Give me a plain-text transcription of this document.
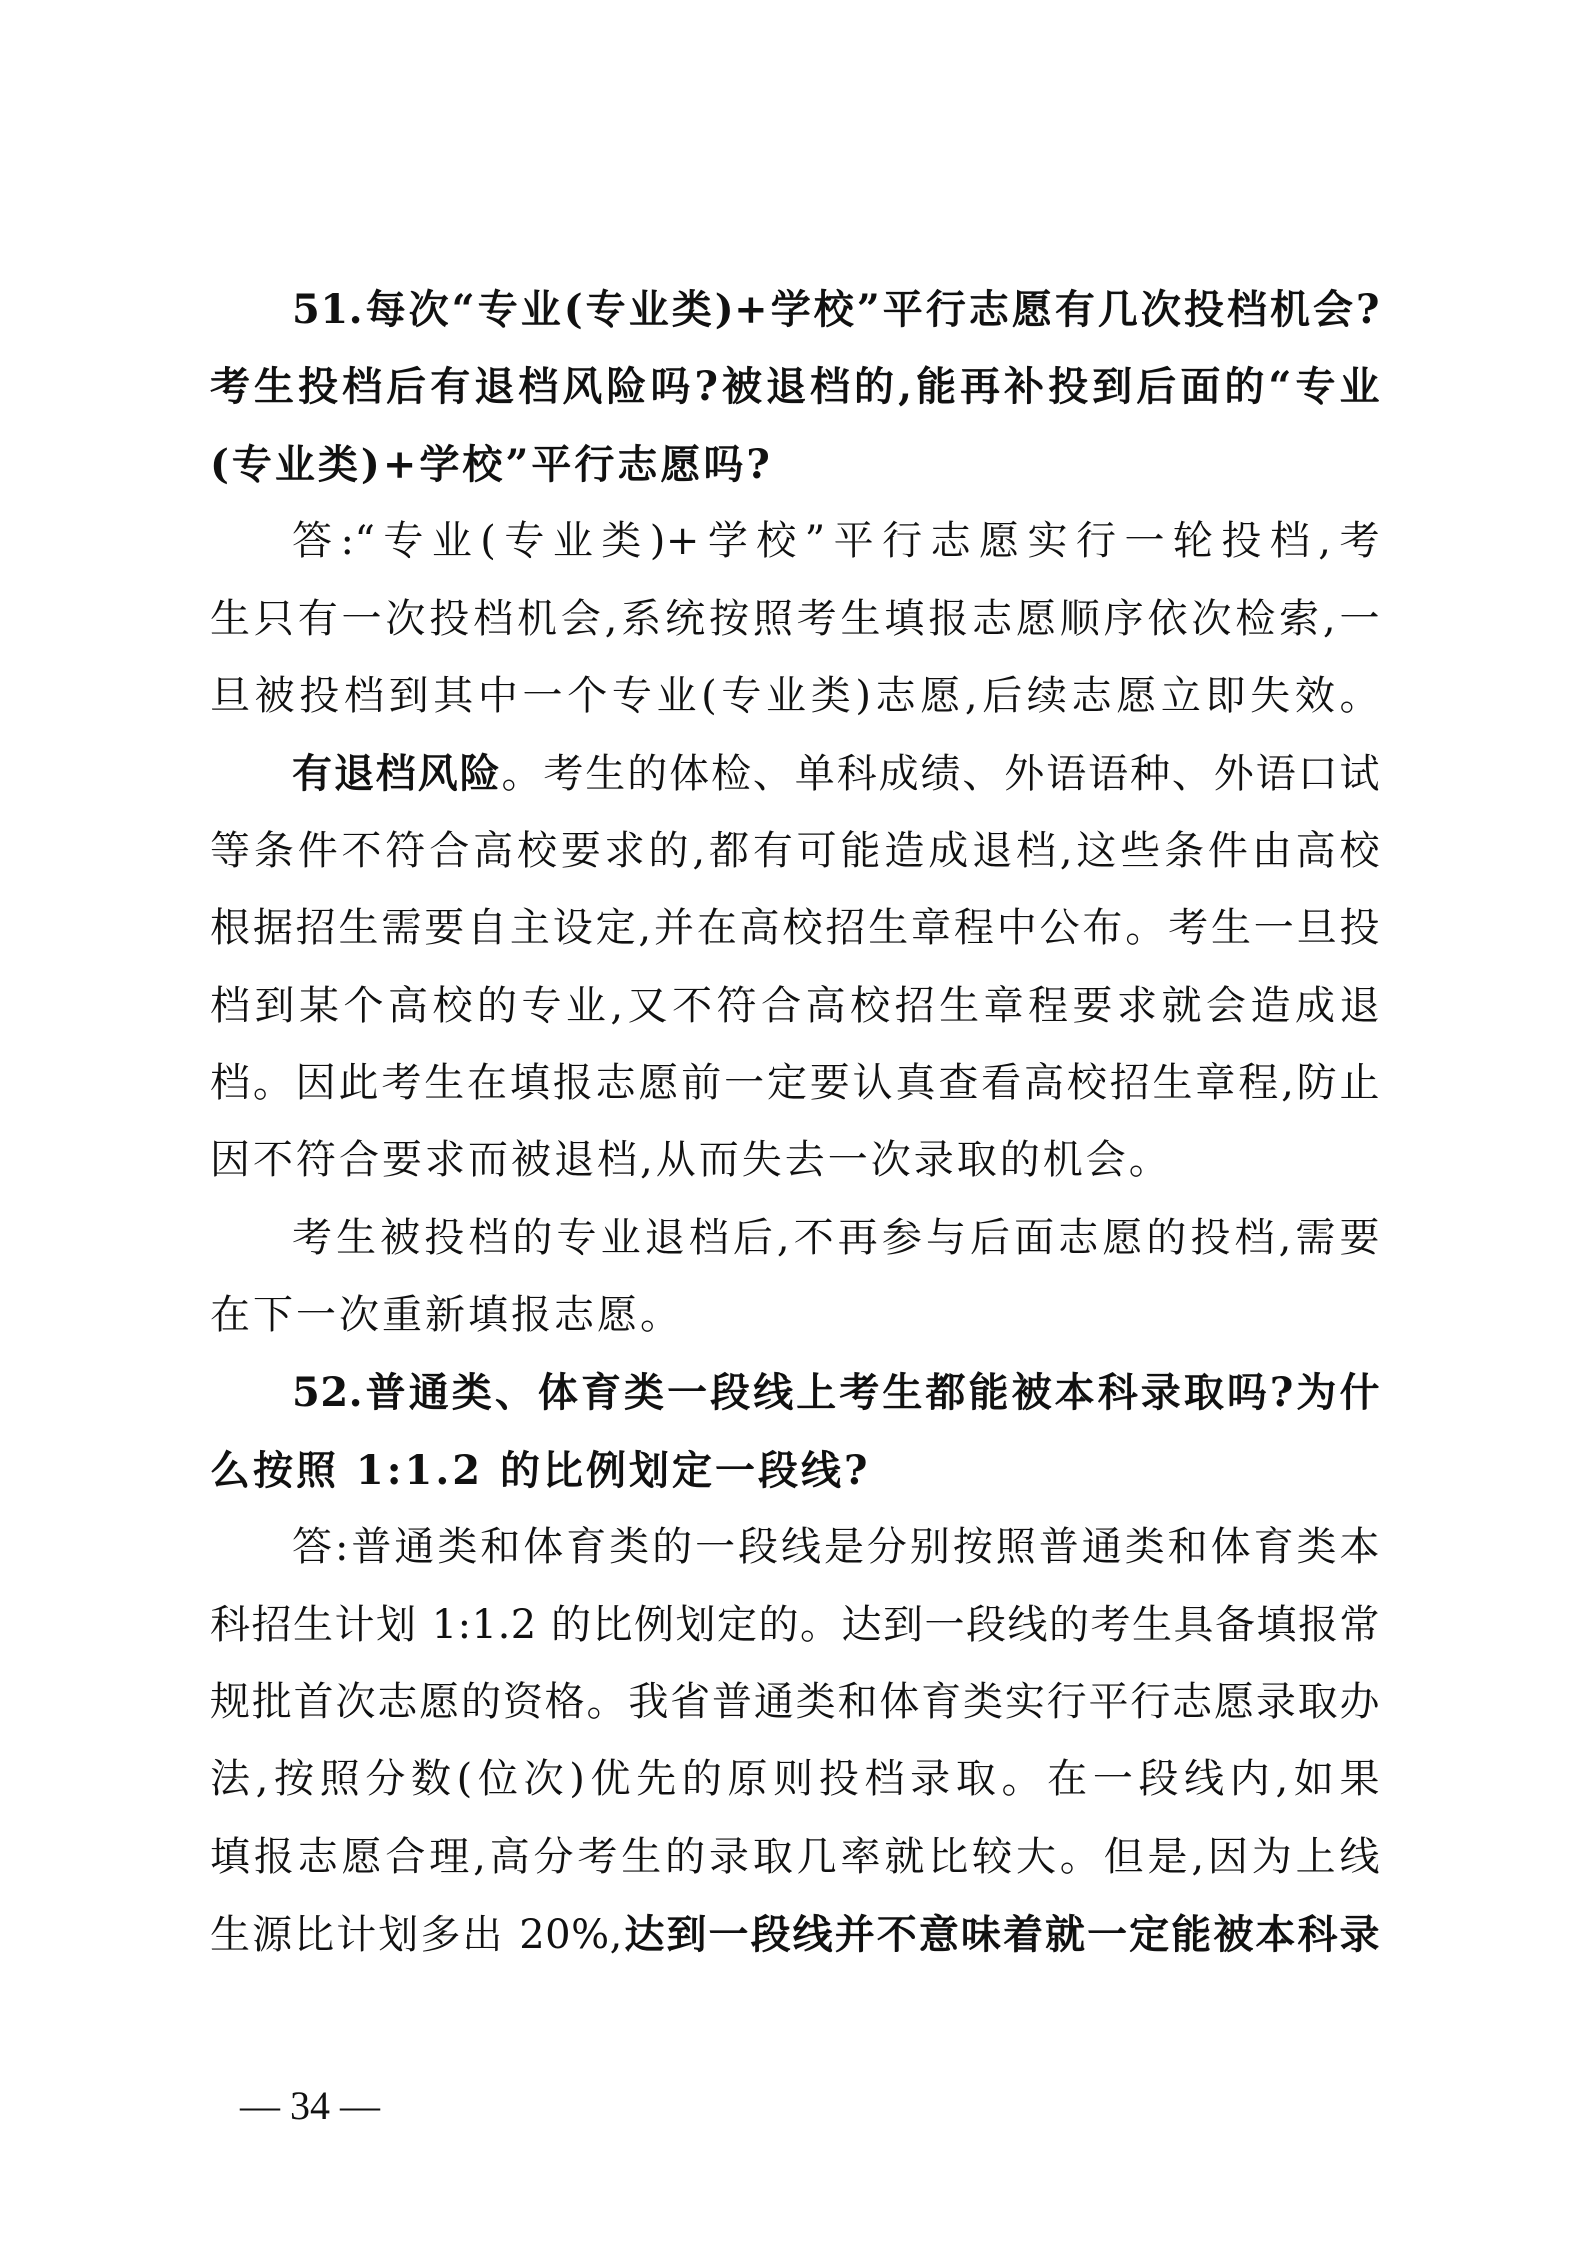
51.每次“专业(专业类)+学校”平行志愿有几次投档机会?
考生投档后有退档风险吗?被退档的,能再补投到后面的“专业
(专业类)+学校”平行志愿吗?
答:“专业(专业类)+学校”平行志愿实行一轮投档,考
生只有一次投档机会,系统按照考生填报志愿顺序依次检索,一
旦被投档到其中一个专业(专业类)志愿,后续志愿立即失效。
有退档风险。考生的体检、单科成绩、外语语种、外语口试
等条件不符合高校要求的,都有可能造成退档,这些条件由高校
根据招生需要自主设定,并在高校招生章程中公布。考生一旦投
档到某个高校的专业,又不符合高校招生章程要求就会造成退
档。因此考生在填报志愿前一定要认真查看高校招生章程,防止
因不符合要求而被退档,从而失去一次录取的机会。
考生被投档的专业退档后,不再参与后面志愿的投档,需要
在下一次重新填报志愿。
52.普通类、体育类一段线上考生都能被本科录取吗?为什
么按照 1:1.2 的比例划定一段线?
答:普通类和体育类的一段线是分别按照普通类和体育类本
科招生计划 1:1.2 的比例划定的。达到一段线的考生具备填报常
规批首次志愿的资格。我省普通类和体育类实行平行志愿录取办
法,按照分数(位次)优先的原则投档录取。在一段线内,如果
填报志愿合理,高分考生的录取几率就比较大。但是,因为上线
生源比计划多出 20%,达到一段线并不意味着就一定能被本科录
— 34 —
